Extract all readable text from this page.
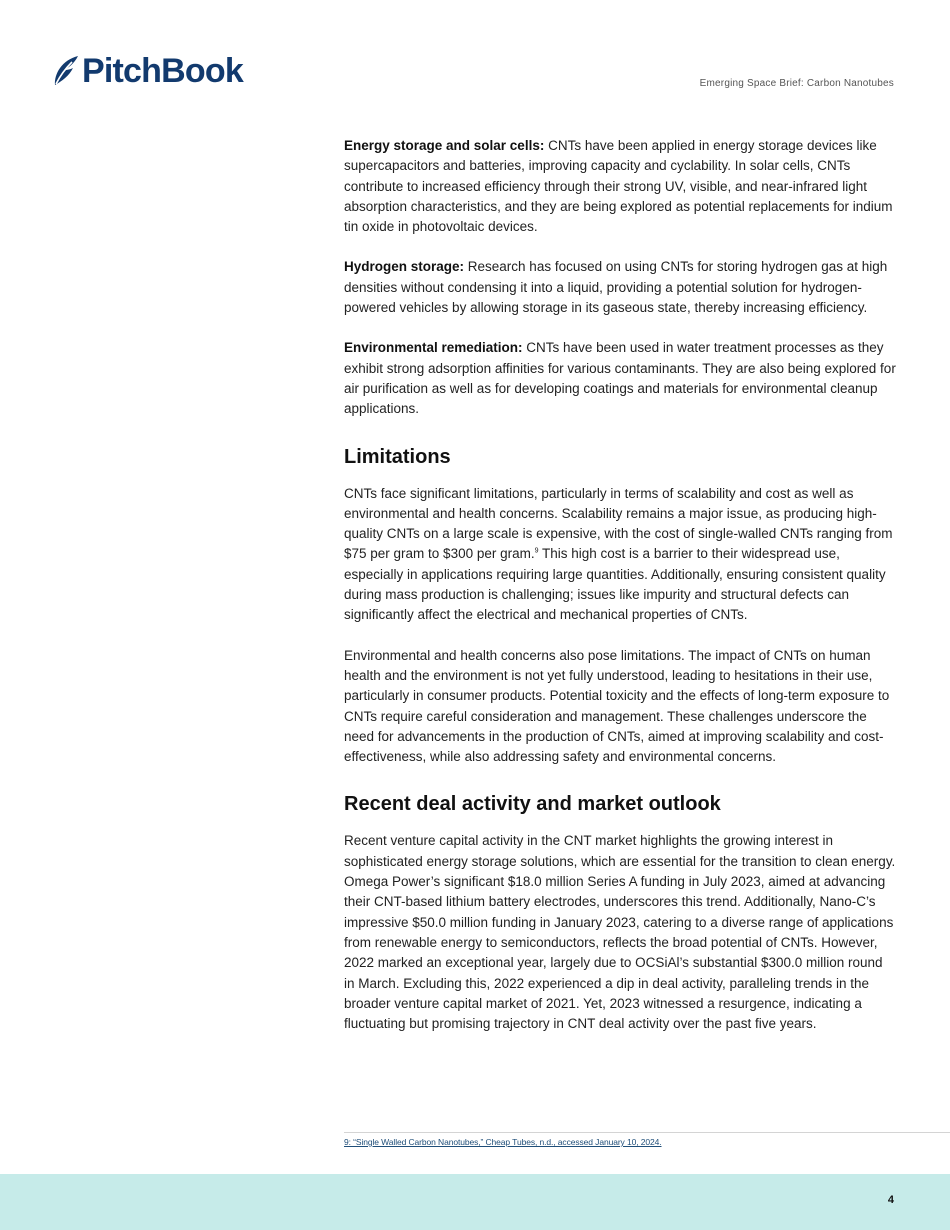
PitchBook	Emerging Space Brief: Carbon Nanotubes

Energy storage and solar cells: CNTs have been applied in energy storage devices like supercapacitors and batteries, improving capacity and cyclability. In solar cells, CNTs contribute to increased efficiency through their strong UV, visible, and near-infrared light absorption characteristics, and they are being explored as potential replacements for indium tin oxide in photovoltaic devices.

Hydrogen storage: Research has focused on using CNTs for storing hydrogen gas at high densities without condensing it into a liquid, providing a potential solution for hydrogen-powered vehicles by allowing storage in its gaseous state, thereby increasing efficiency.

Environmental remediation: CNTs have been used in water treatment processes as they exhibit strong adsorption affinities for various contaminants. They are also being explored for air purification as well as for developing coatings and materials for environmental cleanup applications.

Limitations

CNTs face significant limitations, particularly in terms of scalability and cost as well as environmental and health concerns. Scalability remains a major issue, as producing high-quality CNTs on a large scale is expensive, with the cost of single-walled CNTs ranging from $75 per gram to $300 per gram.$^9$ This high cost is a barrier to their widespread use, especially in applications requiring large quantities. Additionally, ensuring consistent quality during mass production is challenging; issues like impurity and structural defects can significantly affect the electrical and mechanical properties of CNTs.

Environmental and health concerns also pose limitations. The impact of CNTs on human health and the environment is not yet fully understood, leading to hesitations in their use, particularly in consumer products. Potential toxicity and the effects of long-term exposure to CNTs require careful consideration and management. These challenges underscore the need for advancements in the production of CNTs, aimed at improving scalability and cost-effectiveness, while also addressing safety and environmental concerns.

Recent deal activity and market outlook

Recent venture capital activity in the CNT market highlights the growing interest in sophisticated energy storage solutions, which are essential for the transition to clean energy. Omega Power’s significant $18.0 million Series A funding in July 2023, aimed at advancing their CNT-based lithium battery electrodes, underscores this trend. Additionally, Nano-C’s impressive $50.0 million funding in January 2023, catering to a diverse range of applications from renewable energy to semiconductors, reflects the broad potential of CNTs. However, 2022 marked an exceptional year, largely due to OCSiAl’s substantial $300.0 million round in March. Excluding this, 2022 experienced a dip in deal activity, paralleling trends in the broader venture capital market of 2021. Yet, 2023 witnessed a resurgence, indicating a fluctuating but promising trajectory in CNT deal activity over the past five years.

9: “Single Walled Carbon Nanotubes,” Cheap Tubes, n.d., accessed January 10, 2024.
4
